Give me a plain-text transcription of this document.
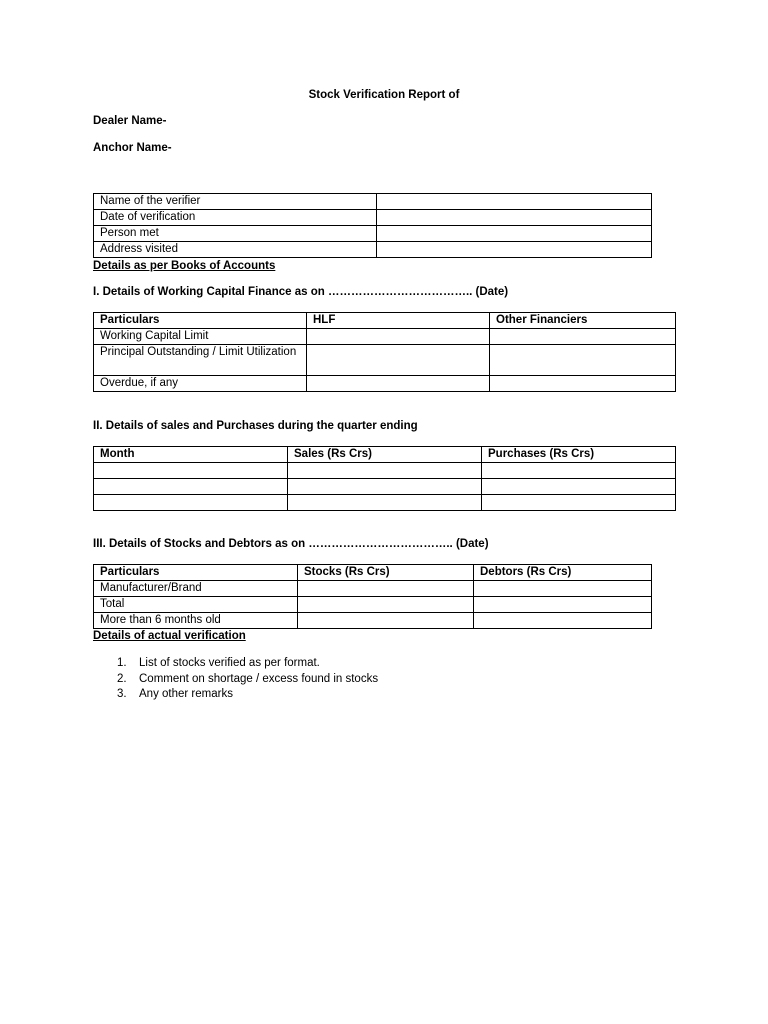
Stock Verification Report of
Dealer Name-
Anchor Name-
Name of the verifier	
Date of verification	
Person met	
Address visited	
Details as per Books of Accounts
I. Details of Working Capital Finance as on ……………………………….. (Date)
Particulars	HLF	Other Financiers
Working Capital Limit		
Principal Outstanding / Limit Utilization		
Overdue, if any		
II. Details of sales and Purchases during the quarter ending
Month	Sales (Rs Crs)	Purchases (Rs Crs)

III. Details of Stocks and Debtors as on ……………………………….. (Date)
Particulars	Stocks (Rs Crs)	Debtors (Rs Crs)
Manufacturer/Brand		
Total		
More than 6 months old		
Details of actual verification
1. List of stocks verified as per format.
2. Comment on shortage / excess found in stocks
3. Any other remarks
